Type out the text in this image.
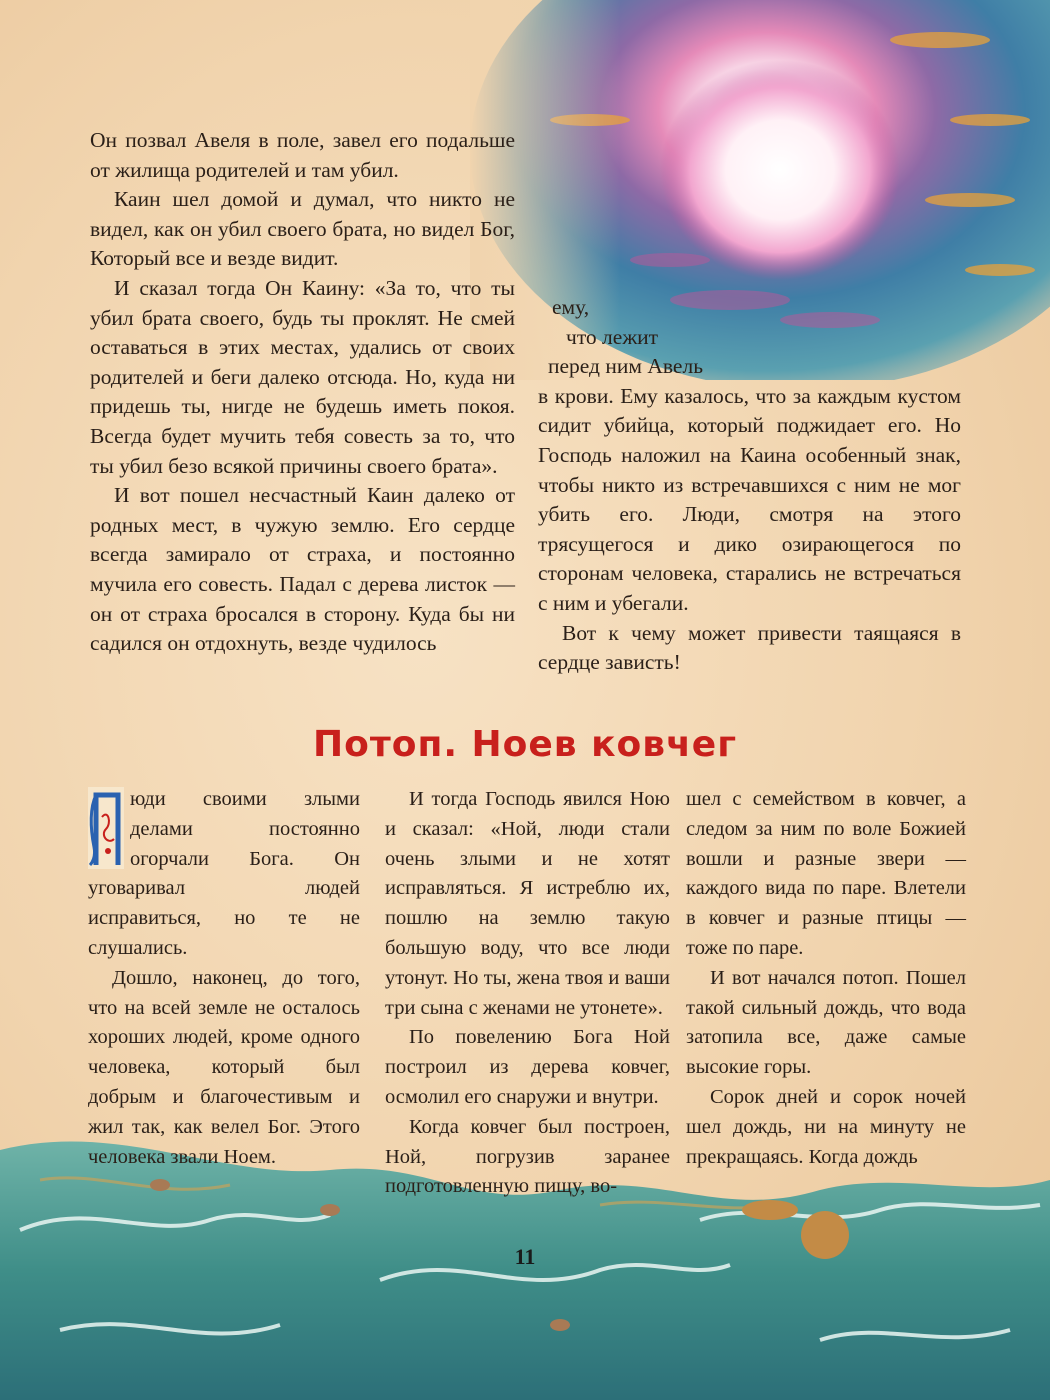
Он позвал Авеля в поле, завел его подальше от жилища родителей и там убил.

Каин шел домой и думал, что никто не видел, как он убил своего брата, но видел Бог, Который все и везде видит.

И сказал тогда Он Каину: «За то, что ты убил брата своего, будь ты проклят. Не смей оставаться в этих местах, удались от своих родителей и беги далеко отсюда. Но, куда ни придешь ты, нигде не будешь иметь покоя. Всегда будет мучить тебя совесть за то, что ты убил безо всякой причины своего брата».

И вот пошел несчастный Каин далеко от родных мест, в чужую землю. Его сердце всегда замирало от страха, и постоянно мучила его совесть. Падал с дерева листок — он от страха бросался в сторону. Куда бы ни садился он отдохнуть, везде чудилось

ему,

что лежит

перед ним Авель

в крови. Ему казалось, что за каждым кустом сидит убийца, который поджидает его. Но Господь наложил на Каина особенный знак, чтобы никто из встречавшихся с ним не мог убить его. Люди, смотря на этого трясущегося и дико озирающегося по сторонам человека, старались не встречаться с ним и убегали.

Вот к чему может привести таящаяся в сердце зависть!

Потоп. Ноев ковчег

юди своими злыми делами постоянно огорчали Бога. Он уговаривал людей исправиться, но те не слушались.

Дошло, наконец, до того, что на всей земле не осталось хороших людей, кроме одного человека, который был добрым и благочестивым и жил так, как велел Бог. Этого человека звали Ноем.

И тогда Господь явился Ною и сказал: «Ной, люди стали очень злыми и не хотят исправляться. Я истреблю их, пошлю на землю такую большую воду, что все люди утонут. Но ты, жена твоя и ваши три сына с женами не утонете».

По повелению Бога Ной построил из дерева ковчег, осмолил его снаружи и внутри.

Когда ковчег был построен, Ной, погрузив заранее подготовленную пищу, во-

шел с семейством в ковчег, а следом за ним по воле Божией вошли и разные звери — каждого вида по паре. Влетели в ковчег и разные птицы — тоже по паре.

И вот начался потоп. Пошел такой сильный дождь, что вода затопила все, даже самые высокие горы.

Сорок дней и сорок ночей шел дождь, ни на минуту не прекращаясь. Когда дождь

11
